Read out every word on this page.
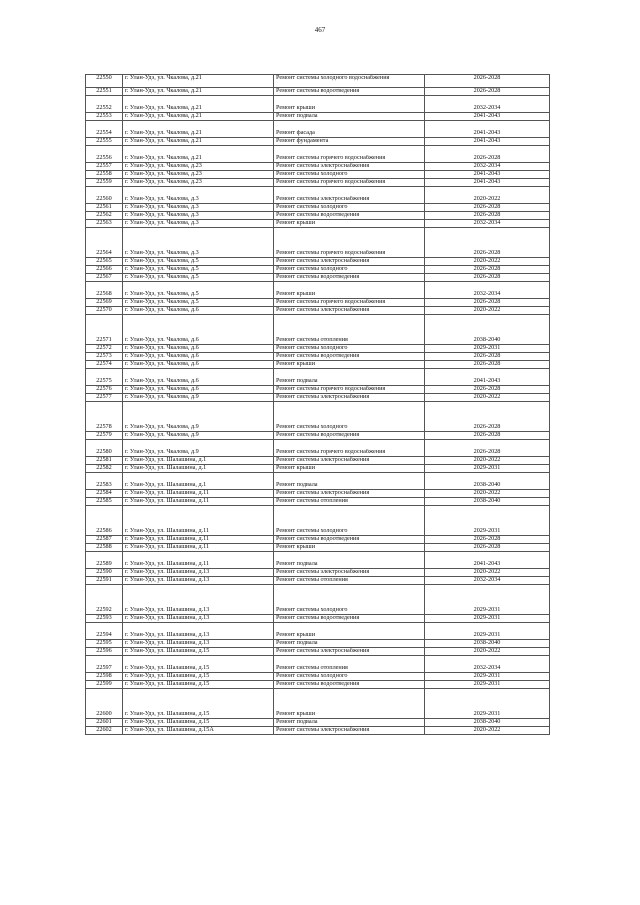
467
22550	г. Улан-Удэ, ул. Чкалова, д.21	Ремонт системы холодного водоснабжения	2026-2028
22551	г. Улан-Удэ, ул. Чкалова, д.21	Ремонт системы водоотведения	2026-2028

22552	г. Улан-Удэ, ул. Чкалова, д.21	Ремонт крыши	2032-2034
22553	г. Улан-Удэ, ул. Чкалова, д.21	Ремонт подвала	2041-2043

22554	г. Улан-Удэ, ул. Чкалова, д.21	Ремонт фасада	2041-2043
22555	г. Улан-Удэ, ул. Чкалова, д.21	Ремонт фундамента	2041-2043

22556	г. Улан-Удэ, ул. Чкалова, д.21	Ремонт системы горячего водоснабжения	2026-2028
22557	г. Улан-Удэ, ул. Чкалова, д.23	Ремонт системы электроснабжения	2032-2034
22558	г. Улан-Удэ, ул. Чкалова, д.23	Ремонт системы холодного	2041-2043
22559	г. Улан-Удэ, ул. Чкалова, д.23	Ремонт системы горячего водоснабжения	2041-2043

22560	г. Улан-Удэ, ул. Чкалова, д.3	Ремонт системы электроснабжения	2020-2022
22561	г. Улан-Удэ, ул. Чкалова, д.3	Ремонт системы холодного	2026-2028
22562	г. Улан-Удэ, ул. Чкалова, д.3	Ремонт системы водоотведения	2026-2028
22563	г. Улан-Удэ, ул. Чкалова, д.3	Ремонт крыши	2032-2034

22564	г. Улан-Удэ, ул. Чкалова, д.3	Ремонт системы горячего водоснабжения	2026-2028
22565	г. Улан-Удэ, ул. Чкалова, д.5	Ремонт системы электроснабжения	2020-2022
22566	г. Улан-Удэ, ул. Чкалова, д.5	Ремонт системы холодного	2026-2028
22567	г. Улан-Удэ, ул. Чкалова, д.5	Ремонт системы водоотведения	2026-2028

22568	г. Улан-Удэ, ул. Чкалова, д.5	Ремонт крыши	2032-2034
22569	г. Улан-Удэ, ул. Чкалова, д.5	Ремонт системы горячего водоснабжения	2026-2028
22570	г. Улан-Удэ, ул. Чкалова, д.6	Ремонт системы электроснабжения	2020-2022

22571	г. Улан-Удэ, ул. Чкалова, д.6	Ремонт системы отопления	2038-2040
22572	г. Улан-Удэ, ул. Чкалова, д.6	Ремонт системы холодного	2029-2031
22573	г. Улан-Удэ, ул. Чкалова, д.6	Ремонт системы водоотведения	2026-2028
22574	г. Улан-Удэ, ул. Чкалова, д.6	Ремонт крыши	2026-2028

22575	г. Улан-Удэ, ул. Чкалова, д.6	Ремонт подвала	2041-2043
22576	г. Улан-Удэ, ул. Чкалова, д.6	Ремонт системы горячего водоснабжения	2026-2028
22577	г. Улан-Удэ, ул. Чкалова, д.9	Ремонт системы электроснабжения	2020-2022

22578	г. Улан-Удэ, ул. Чкалова, д.9	Ремонт системы холодного	2026-2028
22579	г. Улан-Удэ, ул. Чкалова, д.9	Ремонт системы водоотведения	2026-2028

22580	г. Улан-Удэ, ул. Чкалова, д.9	Ремонт системы горячего водоснабжения	2026-2028
22581	г. Улан-Удэ, ул. Шалашина, д.1	Ремонт системы электроснабжения	2020-2022
22582	г. Улан-Удэ, ул. Шалашина, д.1	Ремонт крыши	2029-2031

22583	г. Улан-Удэ, ул. Шалашина, д.1	Ремонт подвала	2038-2040
22584	г. Улан-Удэ, ул. Шалашина, д.11	Ремонт системы электроснабжения	2020-2022
22585	г. Улан-Удэ, ул. Шалашина, д.11	Ремонт системы отопления	2038-2040

22586	г. Улан-Удэ, ул. Шалашина, д.11	Ремонт системы холодного	2029-2031
22587	г. Улан-Удэ, ул. Шалашина, д.11	Ремонт системы водоотведения	2026-2028
22588	г. Улан-Удэ, ул. Шалашина, д.11	Ремонт крыши	2026-2028

22589	г. Улан-Удэ, ул. Шалашина, д.11	Ремонт подвала	2041-2043
22590	г. Улан-Удэ, ул. Шалашина, д.13	Ремонт системы электроснабжения	2020-2022
22591	г. Улан-Удэ, ул. Шалашина, д.13	Ремонт системы отопления	2032-2034

22592	г. Улан-Удэ, ул. Шалашина, д.13	Ремонт системы холодного	2029-2031
22593	г. Улан-Удэ, ул. Шалашина, д.13	Ремонт системы водоотведения	2029-2031

22594	г. Улан-Удэ, ул. Шалашина, д.13	Ремонт крыши	2029-2031
22595	г. Улан-Удэ, ул. Шалашина, д.13	Ремонт подвала	2038-2040
22596	г. Улан-Удэ, ул. Шалашина, д.15	Ремонт системы электроснабжения	2020-2022

22597	г. Улан-Удэ, ул. Шалашина, д.15	Ремонт системы отопления	2032-2034
22598	г. Улан-Удэ, ул. Шалашина, д.15	Ремонт системы холодного	2029-2031
22599	г. Улан-Удэ, ул. Шалашина, д.15	Ремонт системы водоотведения	2029-2031

22600	г. Улан-Удэ, ул. Шалашина, д.15	Ремонт крыши	2029-2031
22601	г. Улан-Удэ, ул. Шалашина, д.15	Ремонт подвала	2038-2040
22602	г. Улан-Удэ, ул. Шалашина, д.15А	Ремонт системы электроснабжения	2020-2022
